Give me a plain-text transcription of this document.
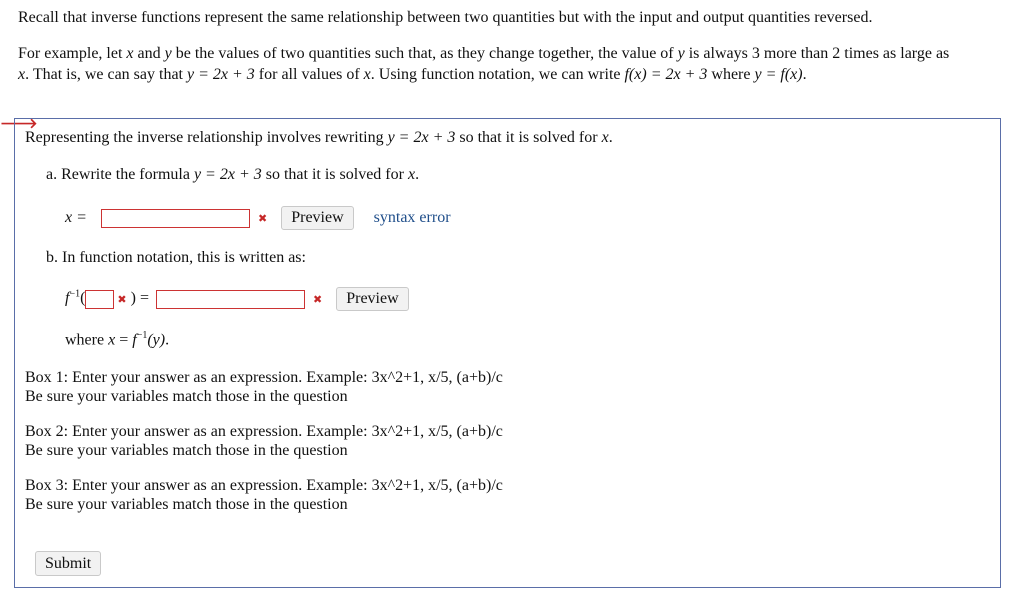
Recall that inverse functions represent the same relationship between two quantities but with the input and output quantities reversed.
For example, let x and y be the values of two quantities such that, as they change together, the value of y is always 3 more than 2 times as large as
x. That is, we can say that y = 2x + 3 for all values of x. Using function notation, we can write f(x) = 2x + 3 where y = f(x).
🡒
Representing the inverse relationship involves rewriting y = 2x + 3 so that it is solved for x.
a. Rewrite the formula y = 2x + 3 so that it is solved for x.
x =	✖ Preview syntax error
b. In function notation, this is written as:
$f^{-1}$(	✖ ) =	✖ Preview
where $x = f^{-1}(y)$.
Box 1: Enter your answer as an expression. Example: 3x^2+1, x/5, (a+b)/c
Be sure your variables match those in the question
Box 2: Enter your answer as an expression. Example: 3x^2+1, x/5, (a+b)/c
Be sure your variables match those in the question
Box 3: Enter your answer as an expression. Example: 3x^2+1, x/5, (a+b)/c
Be sure your variables match those in the question
Submit
